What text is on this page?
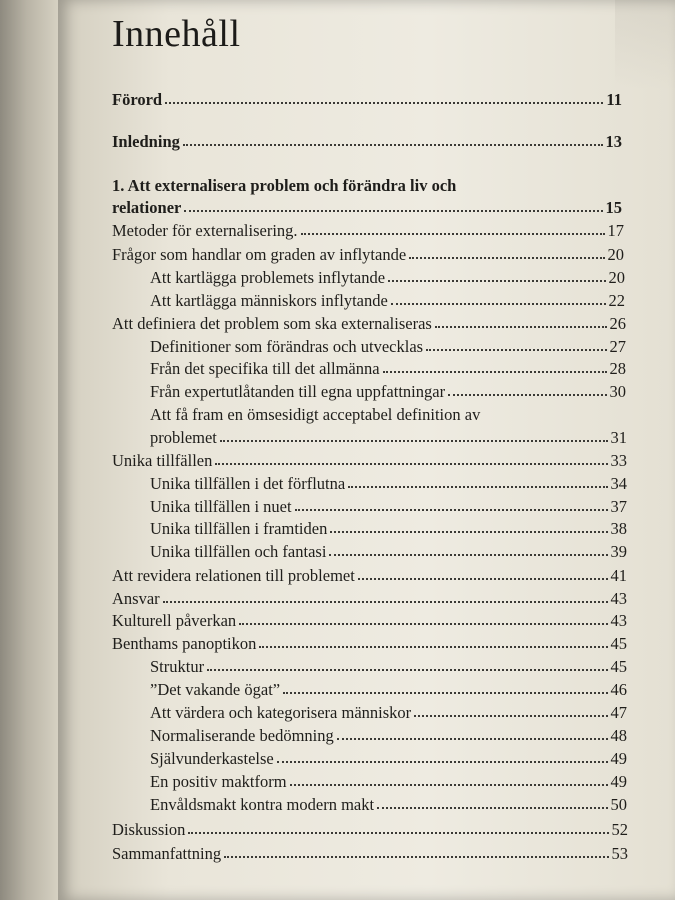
Innehåll
Förord	11
Inledning	13
1. Att externalisera problem och förändra liv och
relationer	15
Metoder för externalisering.	17
Frågor som handlar om graden av inflytande	20
Att kartlägga problemets inflytande	20
Att kartlägga människors inflytande	22
Att definiera det problem som ska externaliseras	26
Definitioner som förändras och utvecklas	27
Från det specifika till det allmänna	28
Från expertutlåtanden till egna uppfattningar	30
Att få fram en ömsesidigt acceptabel definition av
problemet	31
Unika tillfällen	33
Unika tillfällen i det förflutna	34
Unika tillfällen i nuet	37
Unika tillfällen i framtiden	38
Unika tillfällen och fantasi	39
Att revidera relationen till problemet	41
Ansvar	43
Kulturell påverkan	43
Benthams panoptikon	45
Struktur	45
”Det vakande ögat”	46
Att värdera och kategorisera människor	47
Normaliserande bedömning	48
Självunderkastelse	49
En positiv maktform	49
Envåldsmakt kontra modern makt	50
Diskussion	52
Sammanfattning	53
